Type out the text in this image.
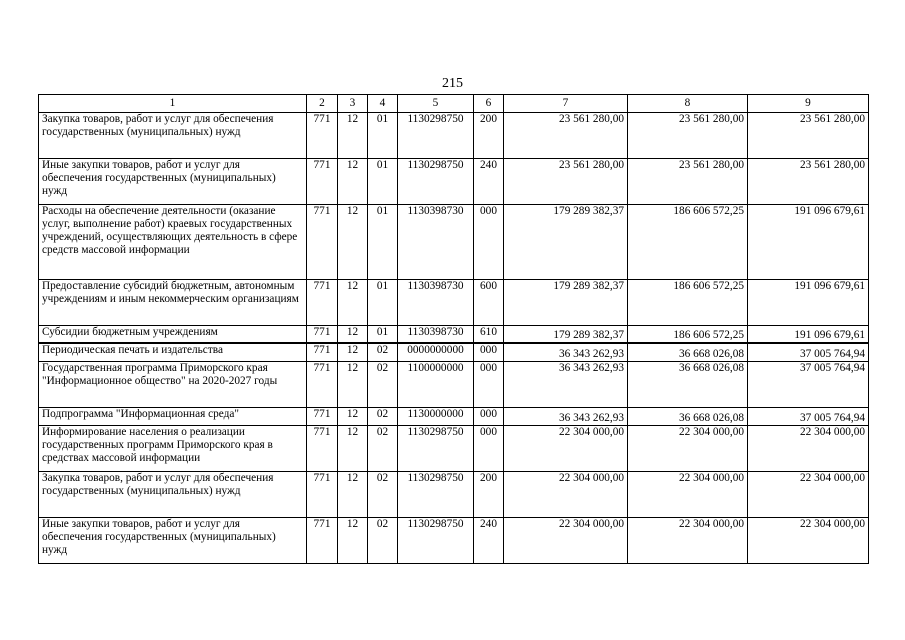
215
1	2	3	4	5	6	7	8	9
Закупка товаров, работ и услуг для обеспечения государственных (муниципальных) нужд	771	12	01	1130298750	200	23 561 280,00	23 561 280,00	23 561 280,00
Иные закупки товаров, работ и услуг для обеспечения государственных (муниципальных) нужд	771	12	01	1130298750	240	23 561 280,00	23 561 280,00	23 561 280,00
Расходы на обеспечение деятельности (оказание услуг, выполнение работ) краевых государственных учреждений, осуществляющих деятельность в сфере средств массовой информации	771	12	01	1130398730	000	179 289 382,37	186 606 572,25	191 096 679,61
Предоставление субсидий бюджетным, автономным учреждениям и иным некоммерческим организациям	771	12	01	1130398730	600	179 289 382,37	186 606 572,25	191 096 679,61
Субсидии бюджетным учреждениям	771	12	01	1130398730	610	179 289 382,37	186 606 572,25	191 096 679,61
Периодическая печать и издательства	771	12	02	0000000000	000	36 343 262,93	36 668 026,08	37 005 764,94
Государственная программа Приморского края "Информационное общество" на 2020-2027 годы	771	12	02	1100000000	000	36 343 262,93	36 668 026,08	37 005 764,94
Подпрограмма "Информационная среда"	771	12	02	1130000000	000	36 343 262,93	36 668 026,08	37 005 764,94
Информирование населения о реализации государственных программ Приморского края в средствах массовой информации	771	12	02	1130298750	000	22 304 000,00	22 304 000,00	22 304 000,00
Закупка товаров, работ и услуг для обеспечения государственных (муниципальных) нужд	771	12	02	1130298750	200	22 304 000,00	22 304 000,00	22 304 000,00
Иные закупки товаров, работ и услуг для обеспечения государственных (муниципальных) нужд	771	12	02	1130298750	240	22 304 000,00	22 304 000,00	22 304 000,00
